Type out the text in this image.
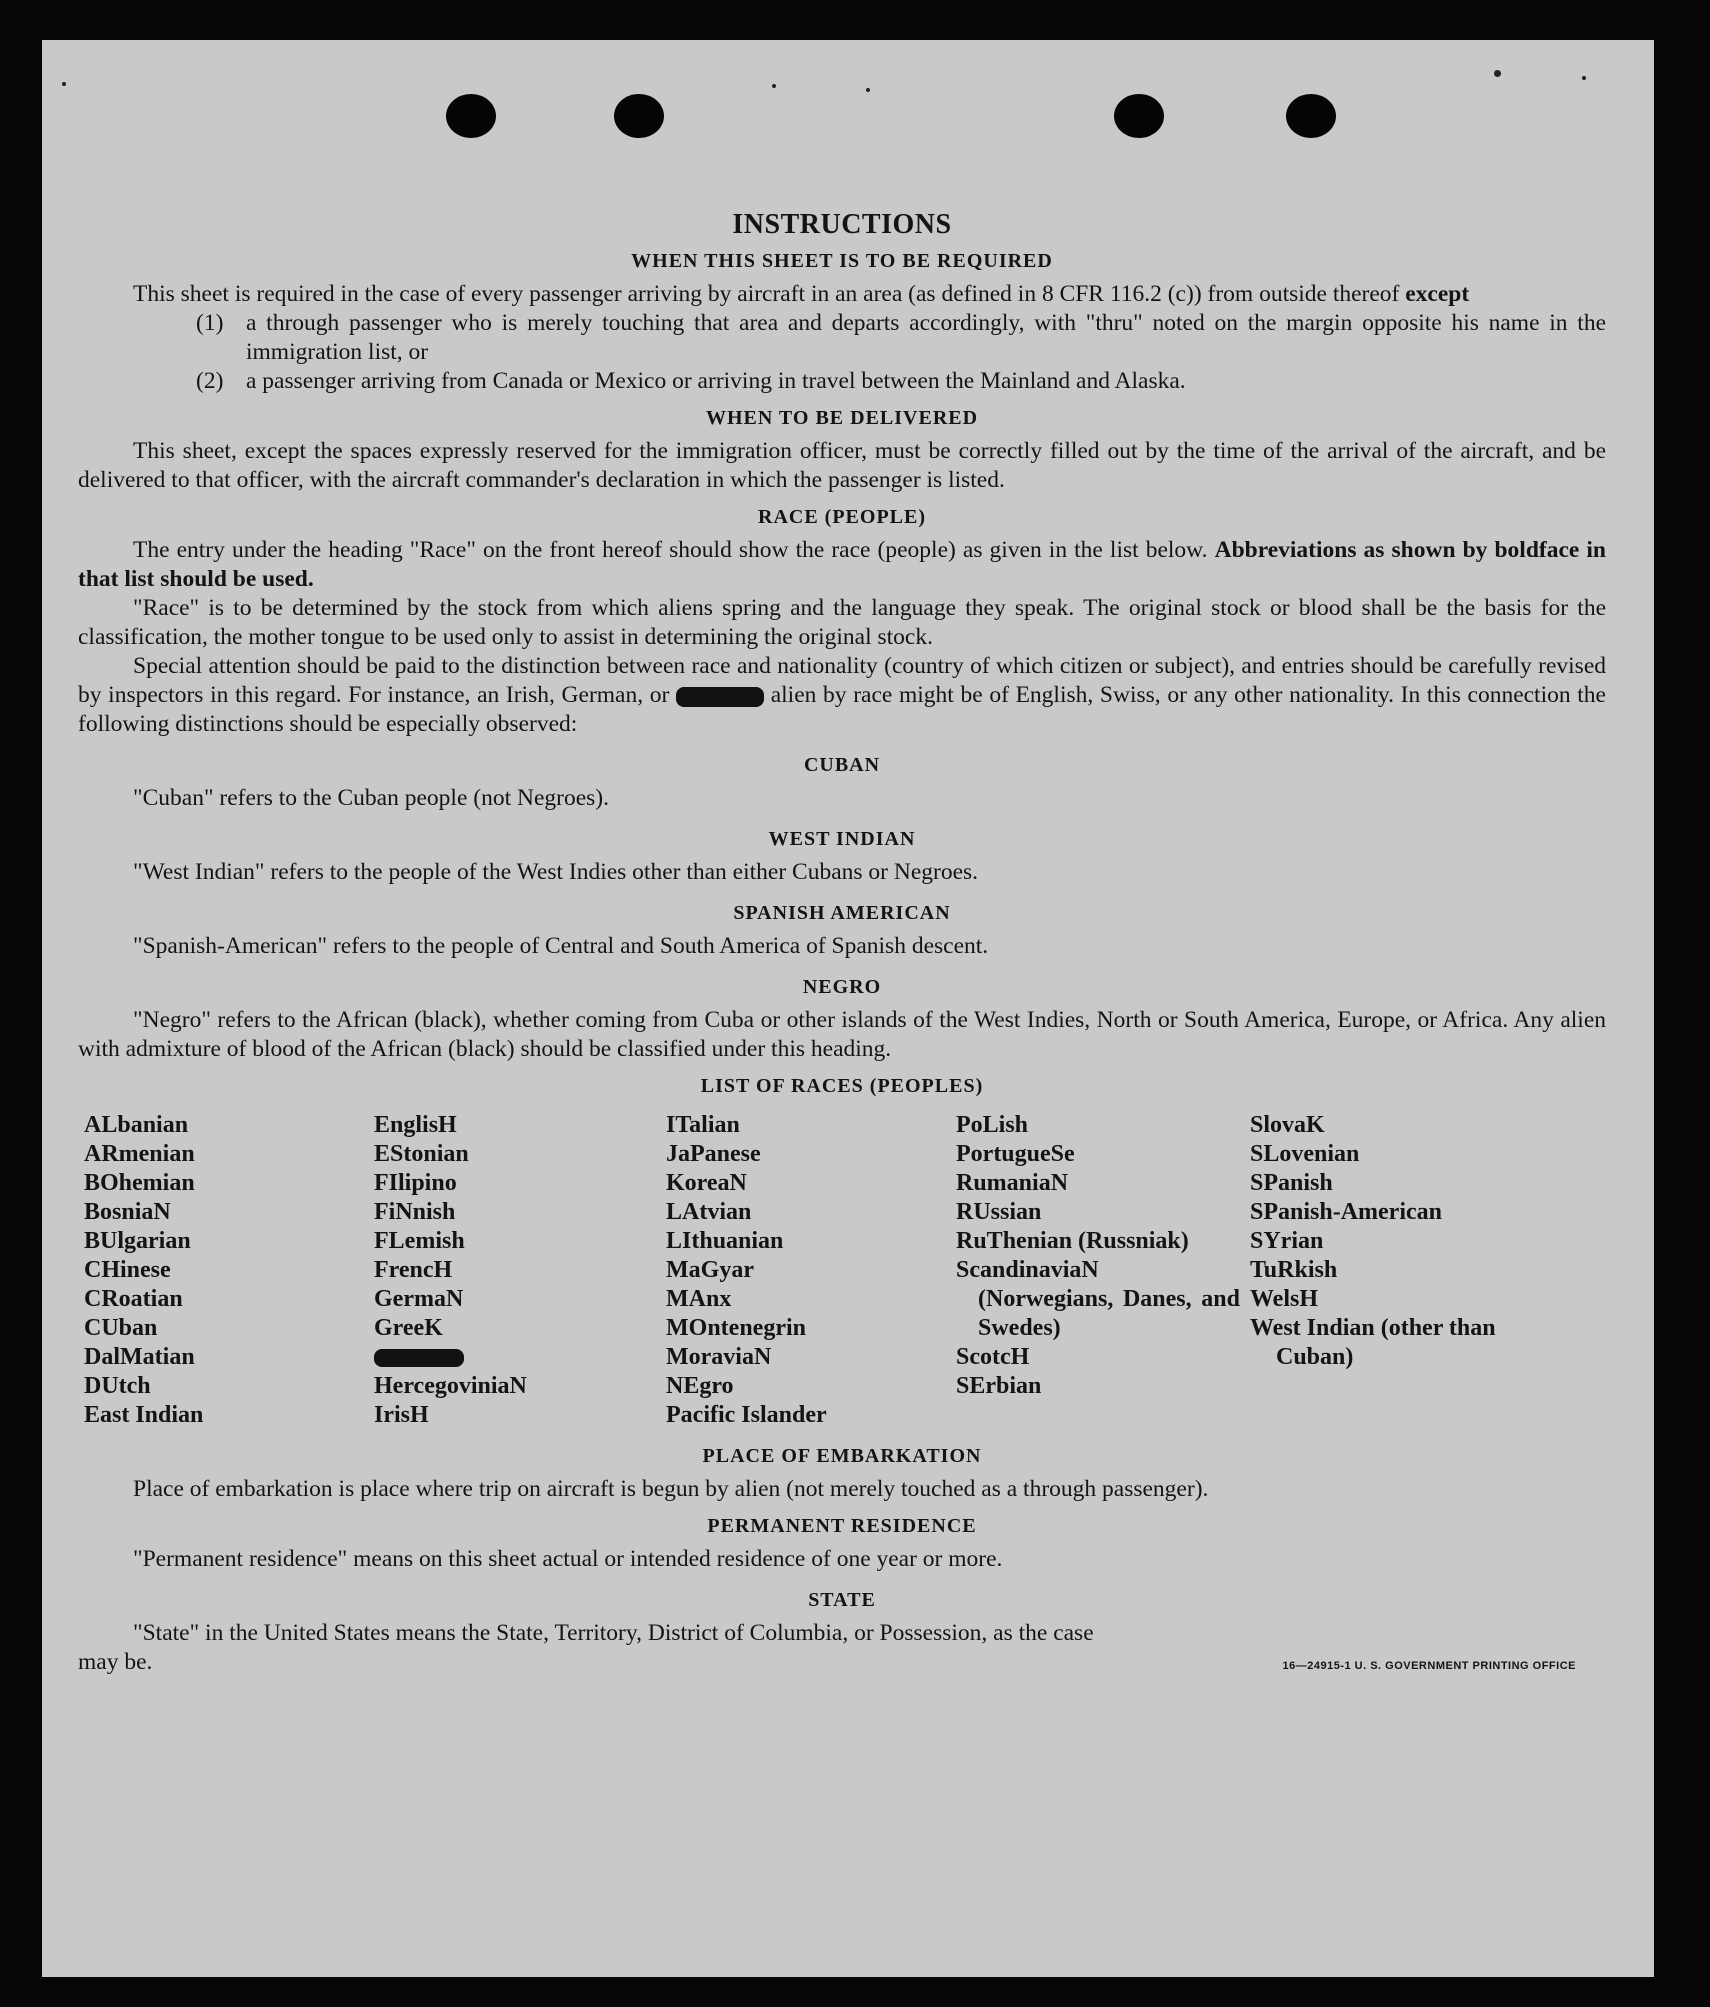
INSTRUCTIONS
WHEN THIS SHEET IS TO BE REQUIRED

This sheet is required in the case of every passenger arriving by aircraft in an area (as defined in 8 CFR 116.2 (c)) from outside thereof except

(1) a through passenger who is merely touching that area and departs accordingly, with "thru" noted on the margin opposite his name in the immigration list, or
(2) a passenger arriving from Canada or Mexico or arriving in travel between the Mainland and Alaska.
WHEN TO BE DELIVERED

This sheet, except the spaces expressly reserved for the immigration officer, must be correctly filled out by the time of the arrival of the aircraft, and be delivered to that officer, with the aircraft commander's declaration in which the passenger is listed.

RACE (PEOPLE)

The entry under the heading "Race" on the front hereof should show the race (people) as given in the list below. Abbreviations as shown by boldface in that list should be used.

"Race" is to be determined by the stock from which aliens spring and the language they speak. The original stock or blood shall be the basis for the classification, the mother tongue to be used only to assist in determining the original stock.

Special attention should be paid to the distinction between race and nationality (country of which citizen or subject), and entries should be carefully revised by inspectors in this regard. For instance, an Irish, German, or	alien by race might be of English, Swiss, or any other nationality. In this connection the following distinctions should be especially observed:

CUBAN

"Cuban" refers to the Cuban people (not Negroes).

WEST INDIAN

"West Indian" refers to the people of the West Indies other than either Cubans or Negroes.

SPANISH AMERICAN

"Spanish-American" refers to the people of Central and South America of Spanish descent.

NEGRO

"Negro" refers to the African (black), whether coming from Cuba or other islands of the West Indies, North or South America, Europe, or Africa. Any alien with admixture of blood of the African (black) should be classified under this heading.

LIST OF RACES (PEOPLES)
ALbanian
ARmenian
BOhemian
BosniaN
BUlgarian
CHinese
CRoatian
CUban
DalMatian
DUtch
East Indian
EnglisH
EStonian
FIlipino
FiNnish
FLemish
FrencH
GermaN
GreeK
HercegoviniaN
IrisH
ITalian
JaPanese
KoreaN
LAtvian
LIthuanian
MaGyar
MAnx
MOntenegrin
MoraviaN
NEgro
Pacific Islander
PoLish
PortugueSe
RumaniaN
RUssian
RuThenian (Russniak)
ScandinaviaN (Norwegians, Danes, and Swedes)
ScotcH
SErbian
SlovaK
SLovenian
SPanish
SPanish-American
SYrian
TuRkish
WelsH
West Indian (other than Cuban)
PLACE OF EMBARKATION

Place of embarkation is place where trip on aircraft is begun by alien (not merely touched as a through passenger).

PERMANENT RESIDENCE

"Permanent residence" means on this sheet actual or intended residence of one year or more.

STATE

"State" in the United States means the State, Territory, District of Columbia, or Possession, as the case

may be.	16—24915-1 U. S. GOVERNMENT PRINTING OFFICE
